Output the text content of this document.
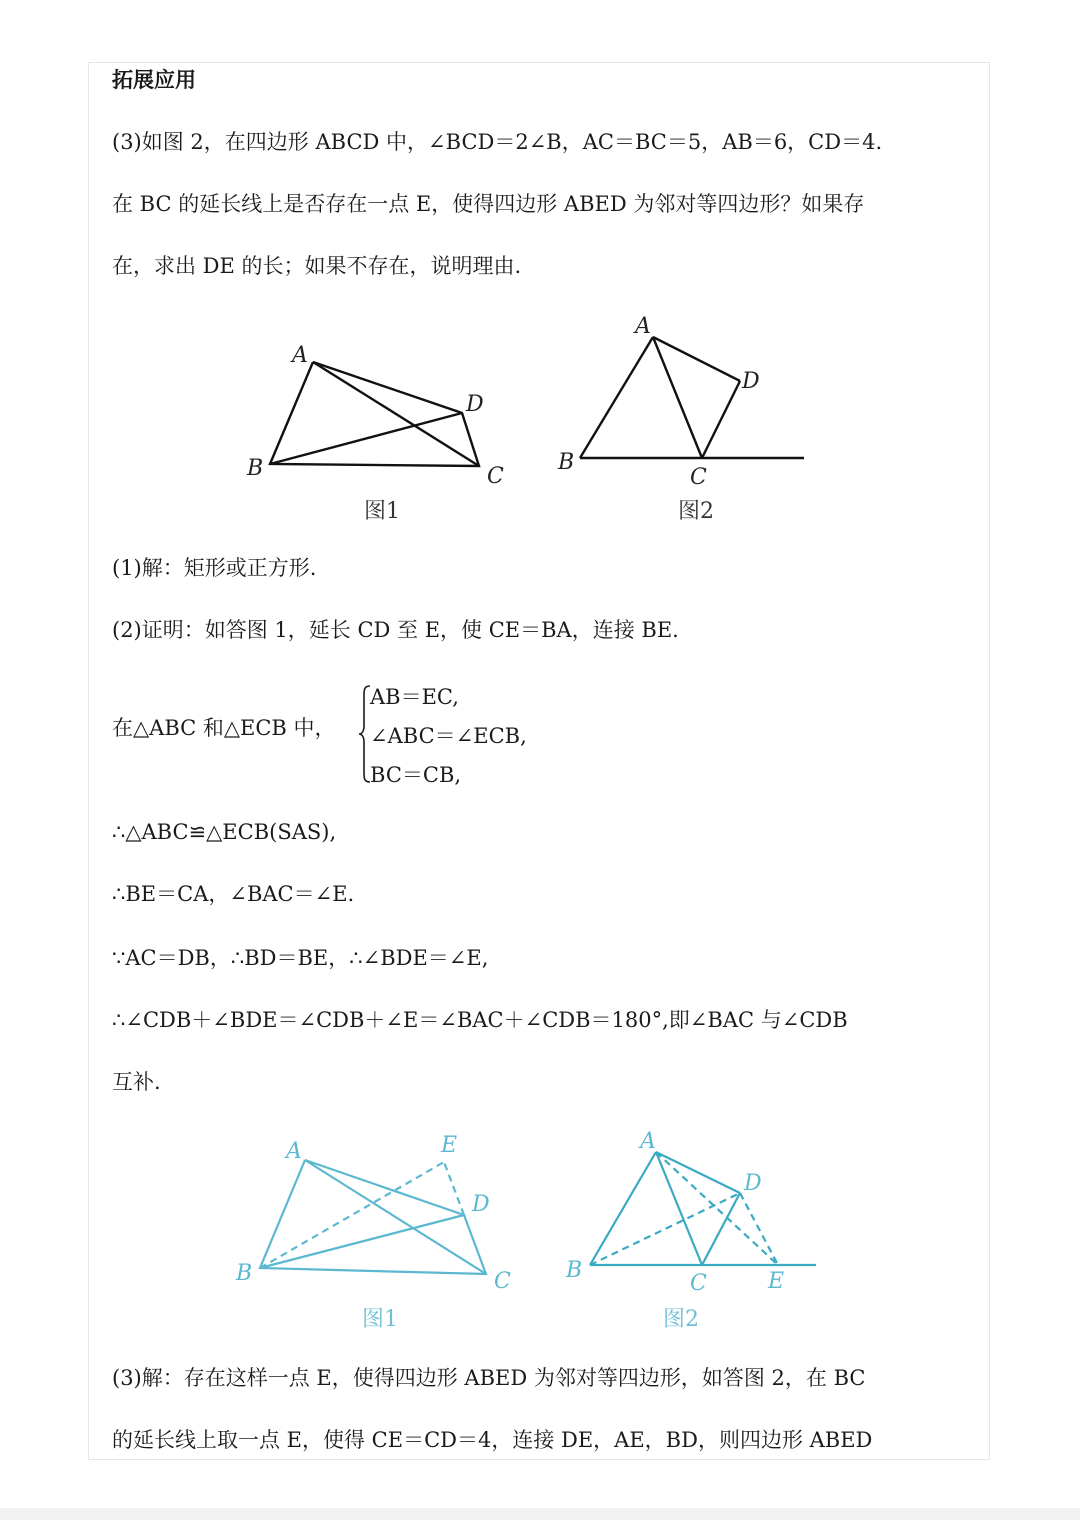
拓展应用
(3)如图 2，在四边形 ABCD 中，∠BCD＝2∠B，AC＝BC＝5，AB＝6，CD＝4.
在 BC 的延长线上是否存在一点 E，使得四边形 ABED 为邻对等四边形？如果存
在，求出 DE 的长；如果不存在，说明理由.
A
B	C
D
图1
A
B
C
D
图2
(1)解：矩形或正方形.
(2)证明：如答图 1，延长 CD 至 E，使 CE＝BA，连接 BE.
在△ABC 和△ECB 中，
AB＝EC,
∠ABC＝∠ECB,
BC＝CB,
∴△ABC≌△ECB(SAS),
∴BE＝CA，∠BAC＝∠E.
∵AC＝DB，∴BD＝BE，∴∠BDE＝∠E,
∴∠CDB＋∠BDE＝∠CDB＋∠E＝∠BAC＋∠CDB＝180°,即∠BAC 与∠CDB
互补.
A
B	C
D
E
图1
A
B
C
D
E
图2
(3)解：存在这样一点 E，使得四边形 ABED 为邻对等四边形，如答图 2，在 BC
的延长线上取一点 E，使得 CE＝CD＝4，连接 DE，AE，BD，则四边形 ABED
